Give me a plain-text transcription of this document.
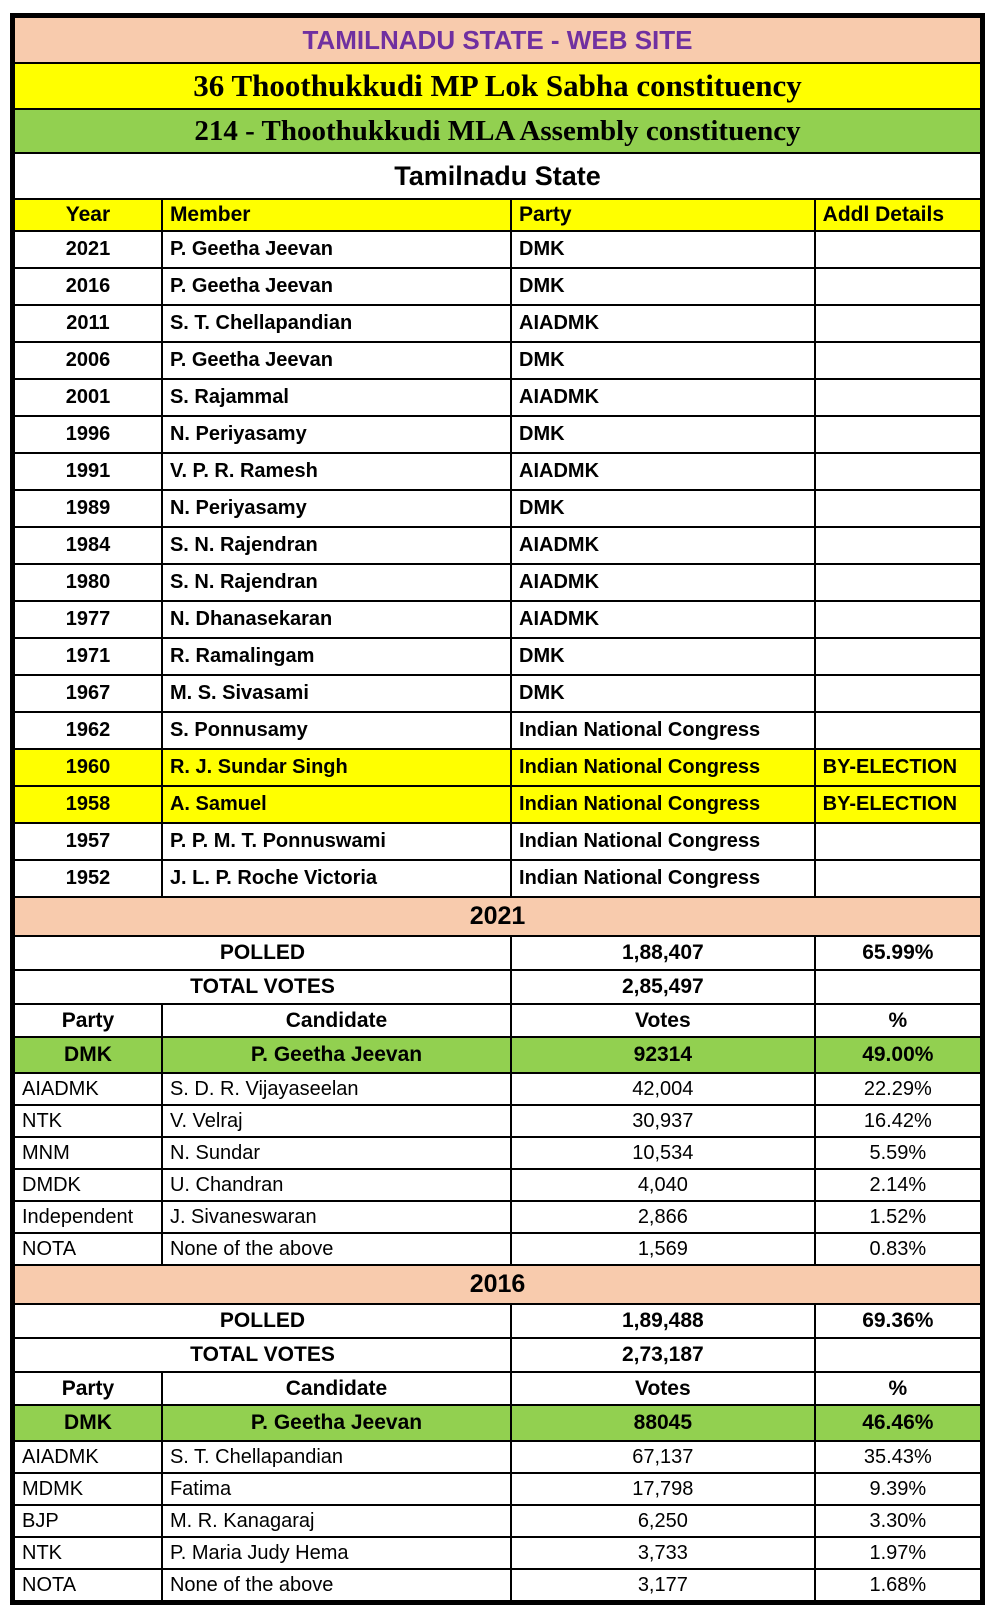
TAMILNADU STATE - WEB SITE			
36 Thoothukkudi MP Lok Sabha constituency			
214 - Thoothukkudi MLA Assembly constituency			
Tamilnadu State			
Year	Member	Party	Addl Details
2021	P. Geetha Jeevan	DMK	
2016	P. Geetha Jeevan	DMK	
2011	S. T. Chellapandian	AIADMK	
2006	P. Geetha Jeevan	DMK	
2001	S. Rajammal	AIADMK	
1996	N. Periyasamy	DMK	
1991	V. P. R. Ramesh	AIADMK	
1989	N. Periyasamy	DMK	
1984	S. N. Rajendran	AIADMK	
1980	S. N. Rajendran	AIADMK	
1977	N. Dhanasekaran	AIADMK	
1971	R. Ramalingam	DMK	
1967	M. S. Sivasami	DMK	
1962	S. Ponnusamy	Indian National Congress	
1960	R. J. Sundar Singh	Indian National Congress	BY-ELECTION
1958	A. Samuel	Indian National Congress	BY-ELECTION
1957	P. P. M. T. Ponnuswami	Indian National Congress	
1952	J. L. P. Roche Victoria	Indian National Congress	
2021			
POLLED		1,88,407	65.99%
TOTAL VOTES		2,85,497	
Party	Candidate	Votes	%
DMK	P. Geetha Jeevan	92314	49.00%
AIADMK	S. D. R. Vijayaseelan	42,004	22.29%
NTK	V. Velraj	30,937	16.42%
MNM	N. Sundar	10,534	5.59%
DMDK	U. Chandran	4,040	2.14%
Independent	J. Sivaneswaran	2,866	1.52%
NOTA	None of the above	1,569	0.83%
2016			
POLLED		1,89,488	69.36%
TOTAL VOTES		2,73,187	
Party	Candidate	Votes	%
DMK	P. Geetha Jeevan	88045	46.46%
AIADMK	S. T. Chellapandian	67,137	35.43%
MDMK	Fatima	17,798	9.39%
BJP	M. R. Kanagaraj	6,250	3.30%
NTK	P. Maria Judy Hema	3,733	1.97%
NOTA	None of the above	3,177	1.68%
